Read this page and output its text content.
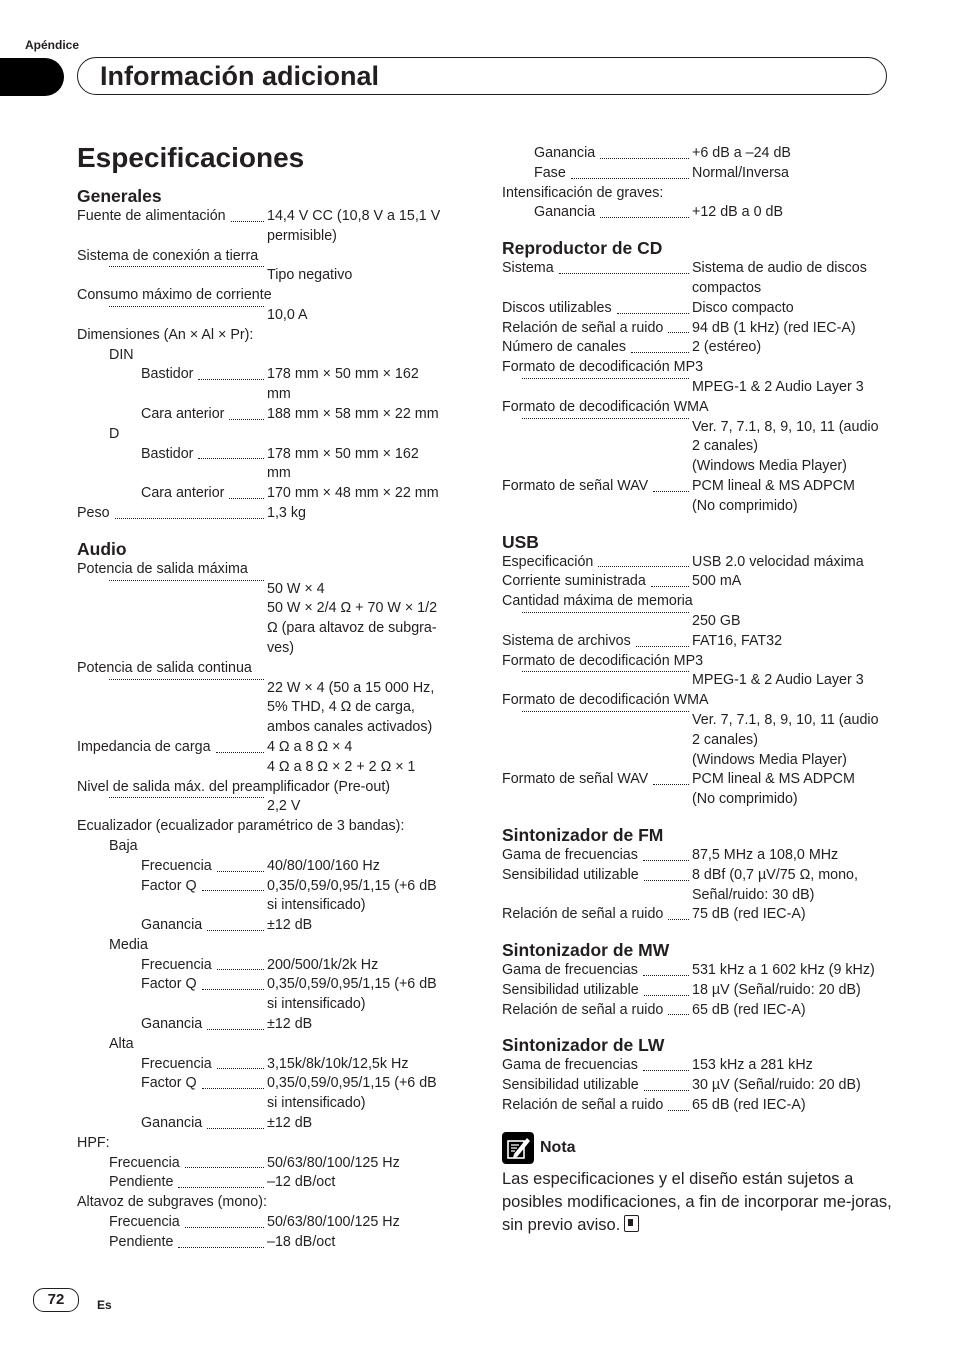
Apéndice
Información adicional
Especificaciones
Generales
Fuente de alimentación	14,4 V CC (10,8 V a 15,1 V
permisible)
Sistema de conexión a tierra
Tipo negativo
Consumo máximo de corriente
10,0 A
Dimensiones (An × Al × Pr):
DIN
Bastidor	178 mm × 50 mm × 162
mm
Cara anterior	188 mm × 58 mm × 22 mm
D
Bastidor	178 mm × 50 mm × 162
mm
Cara anterior	170 mm × 48 mm × 22 mm
Peso	1,3 kg
Audio
Potencia de salida máxima
50 W × 4
50 W × 2/4 Ω + 70 W × 1/2
Ω (para altavoz de subgra-
ves)
Potencia de salida continua
22 W × 4 (50 a 15 000 Hz,
5% THD, 4 Ω de carga,
ambos canales activados)
Impedancia de carga	4 Ω a 8 Ω × 4
4 Ω a 8 Ω × 2 + 2 Ω × 1
Nivel de salida máx. del preamplificador (Pre-out)
2,2 V
Ecualizador (ecualizador paramétrico de 3 bandas):
Baja
Frecuencia	40/80/100/160 Hz
Factor Q	0,35/0,59/0,95/1,15 (+6 dB
si intensificado)
Ganancia	±12 dB
Media
Frecuencia	200/500/1k/2k Hz
Factor Q	0,35/0,59/0,95/1,15 (+6 dB
si intensificado)
Ganancia	±12 dB
Alta
Frecuencia	3,15k/8k/10k/12,5k Hz
Factor Q	0,35/0,59/0,95/1,15 (+6 dB
si intensificado)
Ganancia	±12 dB
HPF:
Frecuencia	50/63/80/100/125 Hz
Pendiente	–12 dB/oct
Altavoz de subgraves (mono):
Frecuencia	50/63/80/100/125 Hz
Pendiente	–18 dB/oct
Ganancia	+6 dB a –24 dB
Fase	Normal/Inversa
Intensificación de graves:
Ganancia	+12 dB a 0 dB
Reproductor de CD
Sistema	Sistema de audio de discos
compactos
Discos utilizables	Disco compacto
Relación de señal a ruido 94 dB (1 kHz) (red IEC-A)
Número de canales	2 (estéreo)
Formato de decodificación MP3
MPEG-1 & 2 Audio Layer 3
Formato de decodificación WMA
Ver. 7, 7.1, 8, 9, 10, 11 (audio
2 canales)
(Windows Media Player)
Formato de señal WAV	PCM lineal & MS ADPCM
(No comprimido)
USB
Especificación	USB 2.0 velocidad máxima
Corriente suministrada	500 mA
Cantidad máxima de memoria
250 GB
Sistema de archivos	FAT16, FAT32
Formato de decodificación MP3
MPEG-1 & 2 Audio Layer 3
Formato de decodificación WMA
Ver. 7, 7.1, 8, 9, 10, 11 (audio
2 canales)
(Windows Media Player)
Formato de señal WAV	PCM lineal & MS ADPCM
(No comprimido)
Sintonizador de FM
Gama de frecuencias	87,5 MHz a 108,0 MHz
Sensibilidad utilizable	8 dBf (0,7 µV/75 Ω, mono,
Señal/ruido: 30 dB)
Relación de señal a ruido 75 dB (red IEC-A)
Sintonizador de MW
Gama de frecuencias	531 kHz a 1 602 kHz (9 kHz)
Sensibilidad utilizable	18 µV (Señal/ruido: 20 dB)
Relación de señal a ruido 65 dB (red IEC-A)
Sintonizador de LW
Gama de frecuencias	153 kHz a 281 kHz
Sensibilidad utilizable	30 µV (Señal/ruido: 20 dB)
Relación de señal a ruido 65 dB (red IEC-A)
Nota
Las especificaciones y el diseño están sujetos a posibles modificaciones, a fin de incorporar me-joras, sin previo aviso.
72	Es
